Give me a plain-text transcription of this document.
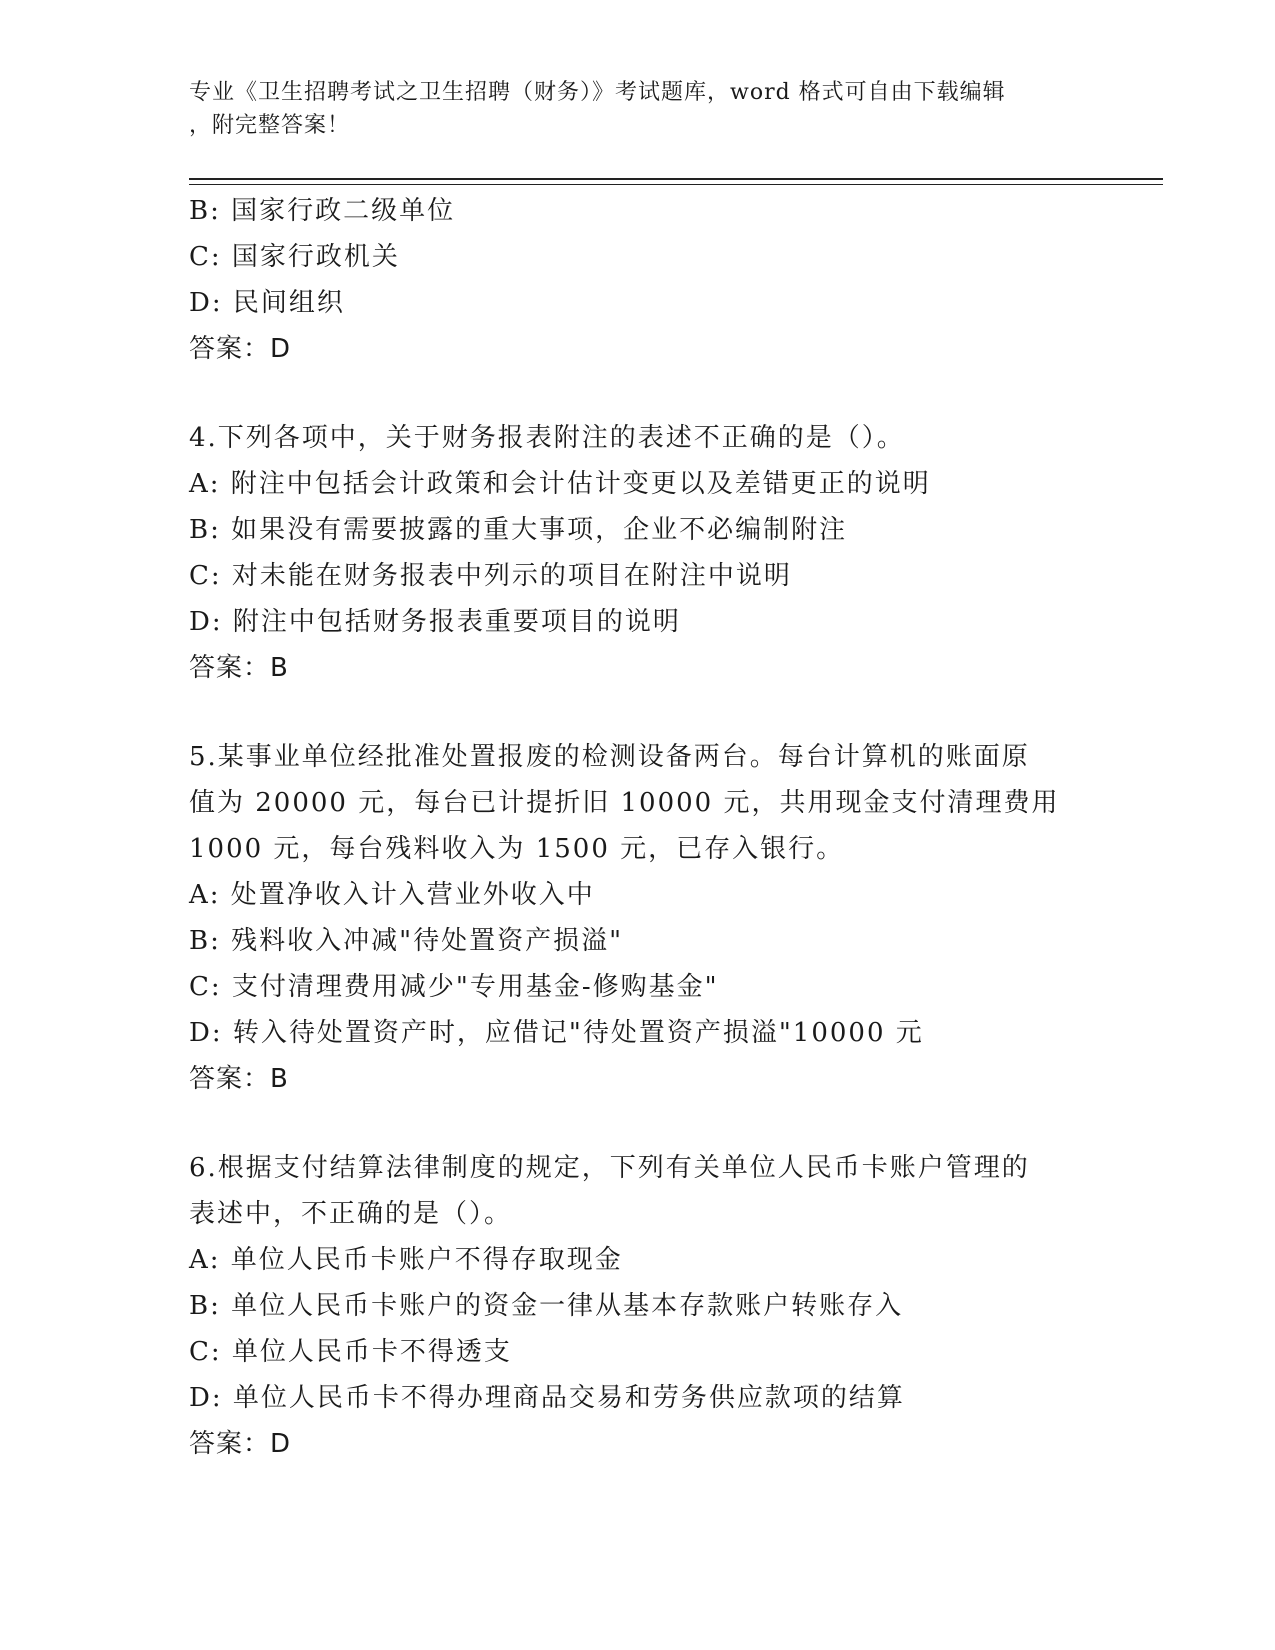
专业《卫生招聘考试之卫生招聘（财务）》考试题库，word 格式可自由下载编辑
，附完整答案！
B: 国家行政二级单位
C: 国家行政机关
D: 民间组织
答案：D
4.下列各项中，关于财务报表附注的表述不正确的是（）。
A: 附注中包括会计政策和会计估计变更以及差错更正的说明
B: 如果没有需要披露的重大事项，企业不必编制附注
C: 对未能在财务报表中列示的项目在附注中说明
D: 附注中包括财务报表重要项目的说明
答案：B
5.某事业单位经批准处置报废的检测设备两台。每台计算机的账面原
值为 20000 元，每台已计提折旧 10000 元，共用现金支付清理费用
1000 元，每台残料收入为 1500 元，已存入银行。
A: 处置净收入计入营业外收入中
B: 残料收入冲减"待处置资产损溢"
C: 支付清理费用减少"专用基金-修购基金"
D: 转入待处置资产时，应借记"待处置资产损溢"10000 元
答案：B
6.根据支付结算法律制度的规定，下列有关单位人民币卡账户管理的
表述中，不正确的是（）。
A: 单位人民币卡账户不得存取现金
B: 单位人民币卡账户的资金一律从基本存款账户转账存入
C: 单位人民币卡不得透支
D: 单位人民币卡不得办理商品交易和劳务供应款项的结算
答案：D
